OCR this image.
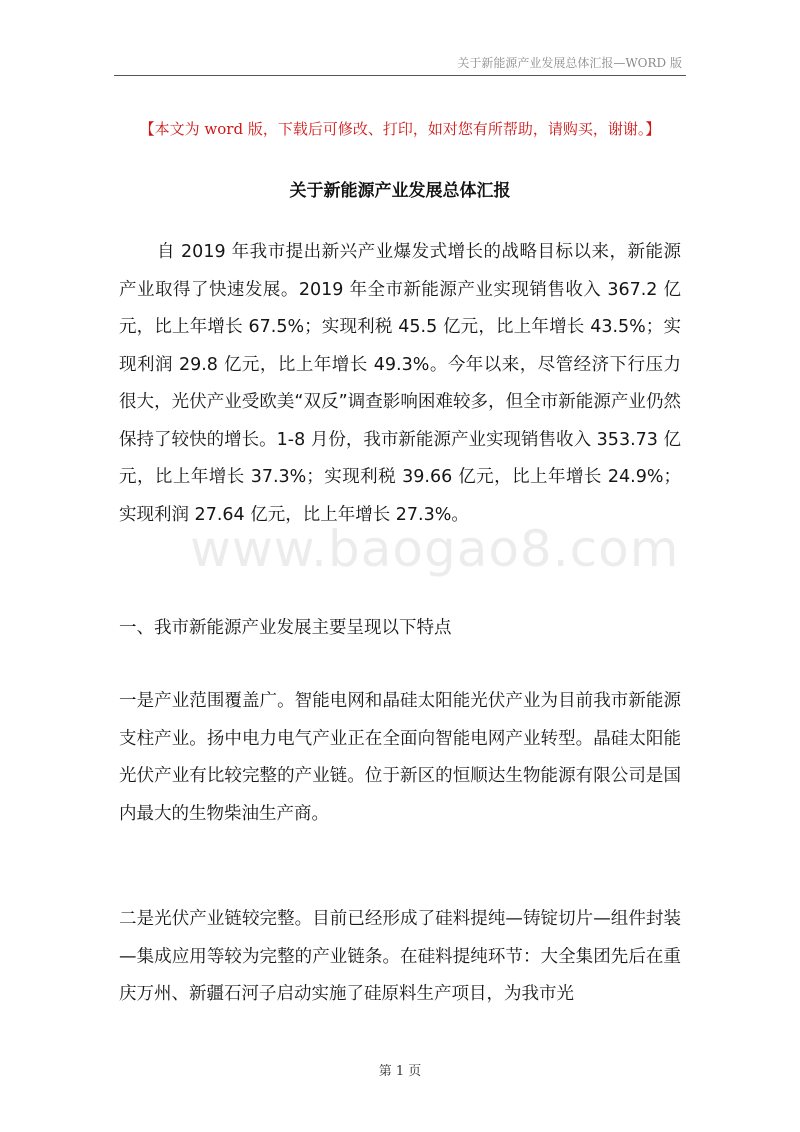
关于新能源产业发展总体汇报—WORD 版
【本文为 word 版，下载后可修改、打印，如对您有所帮助，请购买，谢谢。】
关于新能源产业发展总体汇报

自 2019 年我市提出新兴产业爆发式增长的战略目标以来，新能源产业取得了快速发展。2019 年全市新能源产业实现销售收入 367.2 亿元，比上年增长 67.5%；实现利税 45.5 亿元，比上年增长 43.5%；实现利润 29.8 亿元，比上年增长 49.3%。今年以来，尽管经济下行压力很大，光伏产业受欧美“双反”调查影响困难较多，但全市新能源产业仍然保持了较快的增长。1-8 月份，我市新能源产业实现销售收入 353.73 亿元，比上年增长 37.3%；实现利税 39.66 亿元，比上年增长 24.9%；实现利润 27.64 亿元，比上年增长 27.3%。

www.baogao8.com

一、我市新能源产业发展主要呈现以下特点

一是产业范围覆盖广。智能电网和晶硅太阳能光伏产业为目前我市新能源支柱产业。扬中电力电气产业正在全面向智能电网产业转型。晶硅太阳能光伏产业有比较完整的产业链。位于新区的恒顺达生物能源有限公司是国内最大的生物柴油生产商。

二是光伏产业链较完整。目前已经形成了硅料提纯—铸锭切片—组件封装—集成应用等较为完整的产业链条。在硅料提纯环节：大全集团先后在重庆万州、新疆石河子启动实施了硅原料生产项目，为我市光

第 1 页
